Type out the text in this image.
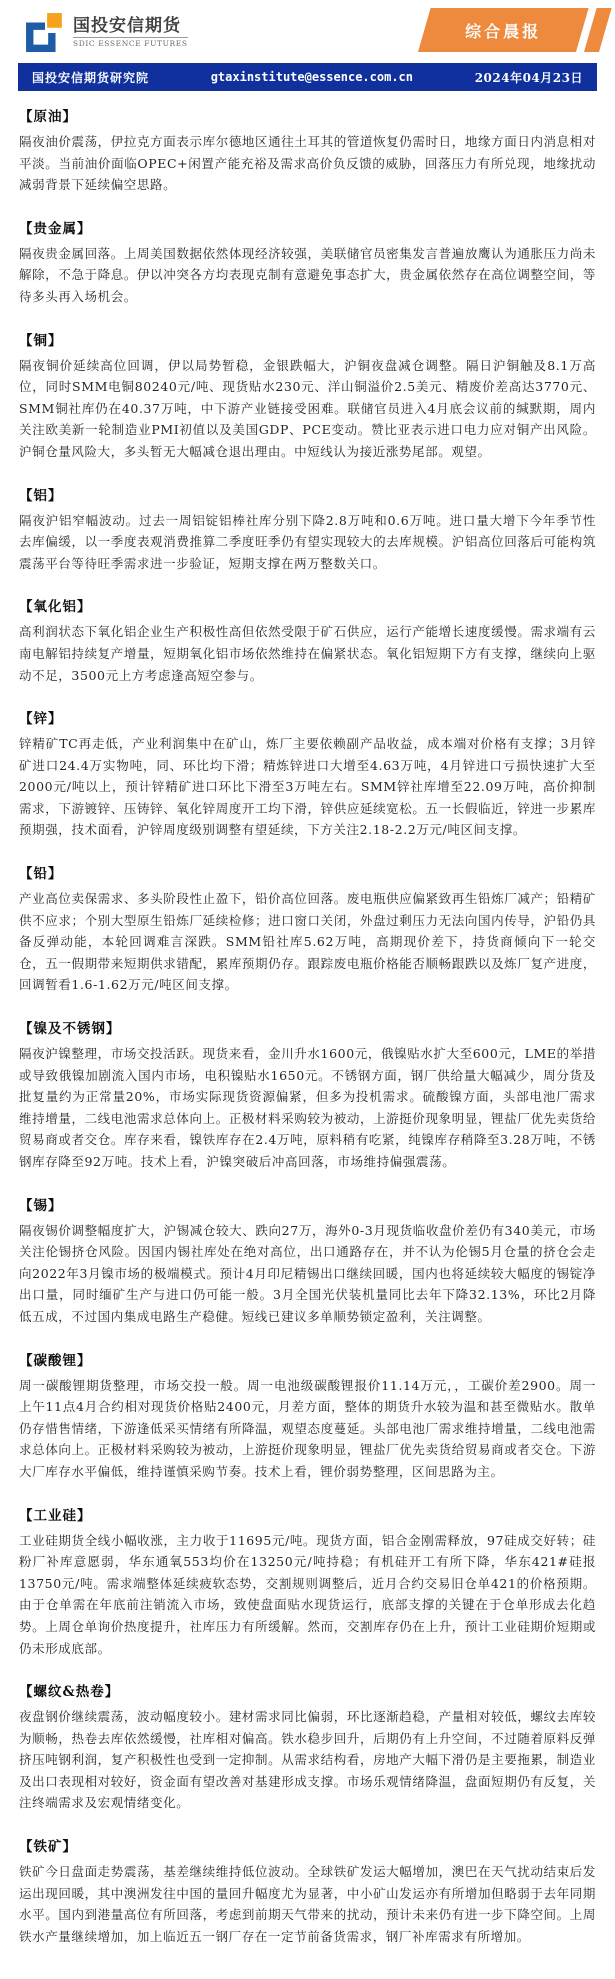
国投安信期货
SDIC ESSENCE FUTURES
综合晨报
国投安信期货研究院	gtaxinstitute@essence.com.cn	2024年04月23日
【原油】
隔夜油价震荡，伊拉克方面表示库尔德地区通往土耳其的管道恢复仍需时日，地缘方面日内消息相对平淡。当前油价面临OPEC+闲置产能充裕及需求高价负反馈的威胁，回落压力有所兑现，地缘扰动减弱背景下延续偏空思路。
【贵金属】
隔夜贵金属回落。上周美国数据依然体现经济较强，美联储官员密集发言普遍放鹰认为通胀压力尚未解除，不急于降息。伊以冲突各方均表现克制有意避免事态扩大，贵金属依然存在高位调整空间，等待多头再入场机会。
【铜】
隔夜铜价延续高位回调，伊以局势暂稳，金银跌幅大，沪铜夜盘减仓调整。隔日沪铜触及8.1万高位，同时SMM电铜80240元/吨、现货贴水230元、洋山铜溢价2.5美元、精废价差高达3770元、SMM铜社库仍在40.37万吨，中下游产业链接受困难。联储官员进入4月底会议前的缄默期，周内关注欧美新一轮制造业PMI初值以及美国GDP、PCE变动。赞比亚表示进口电力应对铜产出风险。沪铜仓量风险大，多头暂无大幅减仓退出理由。中短线认为接近涨势尾部。观望。
【铝】
隔夜沪铝窄幅波动。过去一周铝锭铝棒社库分别下降2.8万吨和0.6万吨。进口量大增下今年季节性去库偏缓，以一季度表观消费推算二季度旺季仍有望实现较大的去库规模。沪铝高位回落后可能构筑震荡平台等待旺季需求进一步验证，短期支撑在两万整数关口。
【氧化铝】
高利润状态下氧化铝企业生产积极性高但依然受限于矿石供应，运行产能增长速度缓慢。需求端有云南电解铝持续复产增量，短期氧化铝市场依然维持在偏紧状态。氧化铝短期下方有支撑，继续向上驱动不足，3500元上方考虑逢高短空参与。
【锌】
锌精矿TC再走低，产业利润集中在矿山，炼厂主要依赖副产品收益，成本端对价格有支撑；3月锌矿进口24.4万实物吨，同、环比均下滑；精炼锌进口大增至4.63万吨，4月锌进口亏损快速扩大至2000元/吨以上，预计锌精矿进口环比下滑至3万吨左右。SMM锌社库增至22.09万吨，高价抑制需求，下游镀锌、压铸锌、氧化锌周度开工均下滑，锌供应延续宽松。五一长假临近，锌进一步累库预期强，技术面看，沪锌周度级别调整有望延续，下方关注2.18-2.2万元/吨区间支撑。
【铅】
产业高位卖保需求、多头阶段性止盈下，铅价高位回落。废电瓶供应偏紧致再生铅炼厂减产；铅精矿供不应求；个别大型原生铅炼厂延续检修；进口窗口关闭，外盘过剩压力无法向国内传导，沪铅仍具备反弹动能，本轮回调难言深跌。SMM铅社库5.62万吨，高期现价差下，持货商倾向下一轮交仓，五一假期带来短期供求错配，累库预期仍存。跟踪废电瓶价格能否顺畅跟跌以及炼厂复产进度，回调暂看1.6-1.62万元/吨区间支撑。
【镍及不锈钢】
隔夜沪镍整理，市场交投活跃。现货来看，金川升水1600元，俄镍贴水扩大至600元，LME的举措或导致俄镍加剧流入国内市场，电积镍贴水1650元。不锈钢方面，钢厂供给量大幅减少，周分货及批复量约为正常量20%，市场实际现货资源偏紧，但多为投机需求。硫酸镍方面，头部电池厂需求维持增量，二线电池需求总体向上。正极材料采购较为被动，上游挺价现象明显，锂盐厂优先卖货给贸易商或者交仓。库存来看，镍铁库存在2.4万吨，原料稍有吃紧，纯镍库存稍降至3.28万吨，不锈钢库存降至92万吨。技术上看，沪镍突破后冲高回落，市场维持偏强震荡。
【锡】
隔夜锡价调整幅度扩大，沪锡减仓较大、跌向27万，海外0-3月现货临收盘价差仍有340美元，市场关注伦锡挤仓风险。因国内锡社库处在绝对高位，出口通路存在，并不认为伦锡5月仓量的挤仓会走向2022年3月镍市场的极端模式。预计4月印尼精锡出口继续回暖，国内也将延续较大幅度的锡锭净出口量，同时缅矿生产与进口仍可能一般。3月全国光伏装机量同比去年下降32.13%，环比2月降低五成，不过国内集成电路生产稳健。短线已建议多单顺势锁定盈利，关注调整。
【碳酸锂】
周一碳酸锂期货整理，市场交投一般。周一电池级碳酸锂报价11.14万元，，工碳价差2900。周一上午11点4月合约相对现货价格贴2400元，月差方面，整体的期货升水较为温和甚至微贴水。散单仍存惜售情绪，下游逢低采买情绪有所降温，观望态度蔓延。头部电池厂需求维持增量，二线电池需求总体向上。正极材料采购较为被动，上游挺价现象明显，锂盐厂优先卖货给贸易商或者交仓。下游大厂库存水平偏低，维持谨慎采购节奏。技术上看，锂价弱势整理，区间思路为主。
【工业硅】
工业硅期货全线小幅收涨，主力收于11695元/吨。现货方面，铝合金刚需释放，97硅成交好转；硅粉厂补库意愿弱，华东通氧553均价在13250元/吨持稳；有机硅开工有所下降，华东421#硅报13750元/吨。需求端整体延续疲软态势，交割规则调整后，近月合约交易旧仓单421的价格预期。由于仓单需在年底前注销流入市场，致使盘面贴水现货运行，底部支撑的关键在于仓单形成去化趋势。上周仓单询价热度提升，社库压力有所缓解。然而，交割库存仍在上升，预计工业硅期价短期或仍未形成底部。
【螺纹&热卷】
夜盘钢价继续震荡，波动幅度较小。建材需求同比偏弱，环比逐渐趋稳，产量相对较低，螺纹去库较为顺畅，热卷去库依然缓慢，社库相对偏高。铁水稳步回升，后期仍有上升空间，不过随着原料反弹挤压吨钢利润，复产积极性也受到一定抑制。从需求结构看，房地产大幅下滑仍是主要拖累，制造业及出口表现相对较好，资金面有望改善对基建形成支撑。市场乐观情绪降温，盘面短期仍有反复，关注终端需求及宏观情绪变化。
【铁矿】
铁矿今日盘面走势震荡，基差继续维持低位波动。全球铁矿发运大幅增加，澳巴在天气扰动结束后发运出现回暖，其中澳洲发往中国的量回升幅度尤为显著，中小矿山发运亦有所增加但略弱于去年同期水平。国内到港量高位有所回落，考虑到前期天气带来的扰动，预计未来仍有进一步下降空间。上周铁水产量继续增加，加上临近五一钢厂存在一定节前备货需求，钢厂补库需求有所增加。
